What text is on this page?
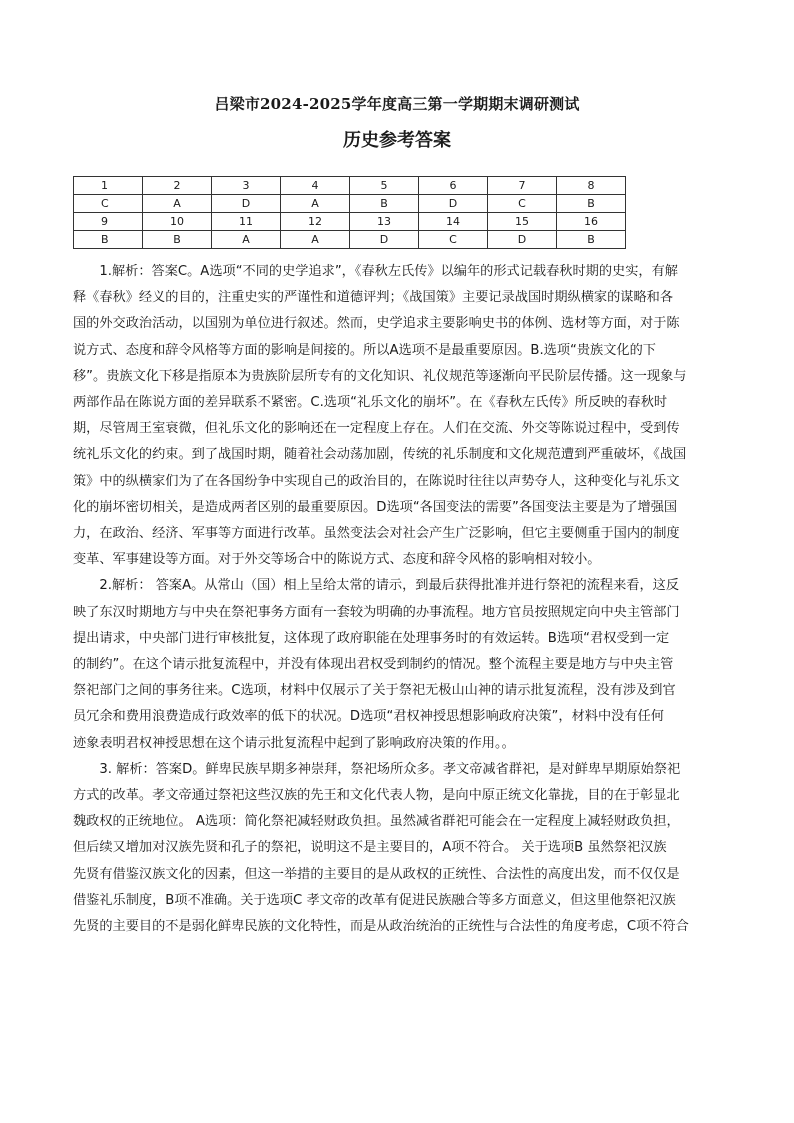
吕梁市2024-2025学年度高三第一学期期末调研测试
历史参考答案
1	2	3	4	5	6	7	8
C	A	D	A	B	D	C	B
9	10	11	12	13	14	15	16
B	B	A	A	D	C	D	B

1.解析：答案C。A选项“不同的史学追求”，《春秋左氏传》以编年的形式记载春秋时期的史实，有解
释《春秋》经义的目的，注重史实的严谨性和道德评判；《战国策》主要记录战国时期纵横家的谋略和各
国的外交政治活动，以国别为单位进行叙述。然而，史学追求主要影响史书的体例、选材等方面，对于陈
说方式、态度和辞令风格等方面的影响是间接的。所以A选项不是最重要原因。B.选项“贵族文化的下
移”。贵族文化下移是指原本为贵族阶层所专有的文化知识、礼仪规范等逐渐向平民阶层传播。这一现象与
两部作品在陈说方面的差异联系不紧密。C.选项“礼乐文化的崩坏”。在《春秋左氏传》所反映的春秋时
期，尽管周王室衰微，但礼乐文化的影响还在一定程度上存在。人们在交流、外交等陈说过程中，受到传
统礼乐文化的约束。到了战国时期，随着社会动荡加剧，传统的礼乐制度和文化规范遭到严重破坏，《战国
策》中的纵横家们为了在各国纷争中实现自己的政治目的，在陈说时往往以声势夺人，这种变化与礼乐文
化的崩坏密切相关，是造成两者区别的最重要原因。D选项“各国变法的需要”各国变法主要是为了增强国
力，在政治、经济、军事等方面进行改革。虽然变法会对社会产生广泛影响，但它主要侧重于国内的制度
变革、军事建设等方面。对于外交等场合中的陈说方式、态度和辞令风格的影响相对较小。

2.解析： 答案A。从常山（国）相上呈给太常的请示，到最后获得批准并进行祭祀的流程来看，这反
映了东汉时期地方与中央在祭祀事务方面有一套较为明确的办事流程。地方官员按照规定向中央主管部门
提出请求，中央部门进行审核批复，这体现了政府职能在处理事务时的有效运转。B选项“君权受到一定
的制约”。在这个请示批复流程中，并没有体现出君权受到制约的情况。整个流程主要是地方与中央主管
祭祀部门之间的事务往来。C选项，材料中仅展示了关于祭祀无极山山神的请示批复流程，没有涉及到官
员冗余和费用浪费造成行政效率的低下的状况。D选项“君权神授思想影响政府决策”，材料中没有任何
迹象表明君权神授思想在这个请示批复流程中起到了影响政府决策的作用。。

3. 解析：答案D。鲜卑民族早期多神崇拜，祭祀场所众多。孝文帝减省群祀，是对鲜卑早期原始祭祀
方式的改革。孝文帝通过祭祀这些汉族的先王和文化代表人物，是向中原正统文化靠拢，目的在于彰显北
魏政权的正统地位。 A选项：简化祭祀减轻财政负担。虽然减省群祀可能会在一定程度上减轻财政负担，
但后续又增加对汉族先贤和孔子的祭祀，说明这不是主要目的，A项不符合。 关于选项B 虽然祭祀汉族
先贤有借鉴汉族文化的因素，但这一举措的主要目的是从政权的正统性、合法性的高度出发，而不仅仅是
借鉴礼乐制度，B项不准确。关于选项C 孝文帝的改革有促进民族融合等多方面意义，但这里他祭祀汉族
先贤的主要目的不是弱化鲜卑民族的文化特性，而是从政治统治的正统性与合法性的角度考虑，C项不符合
